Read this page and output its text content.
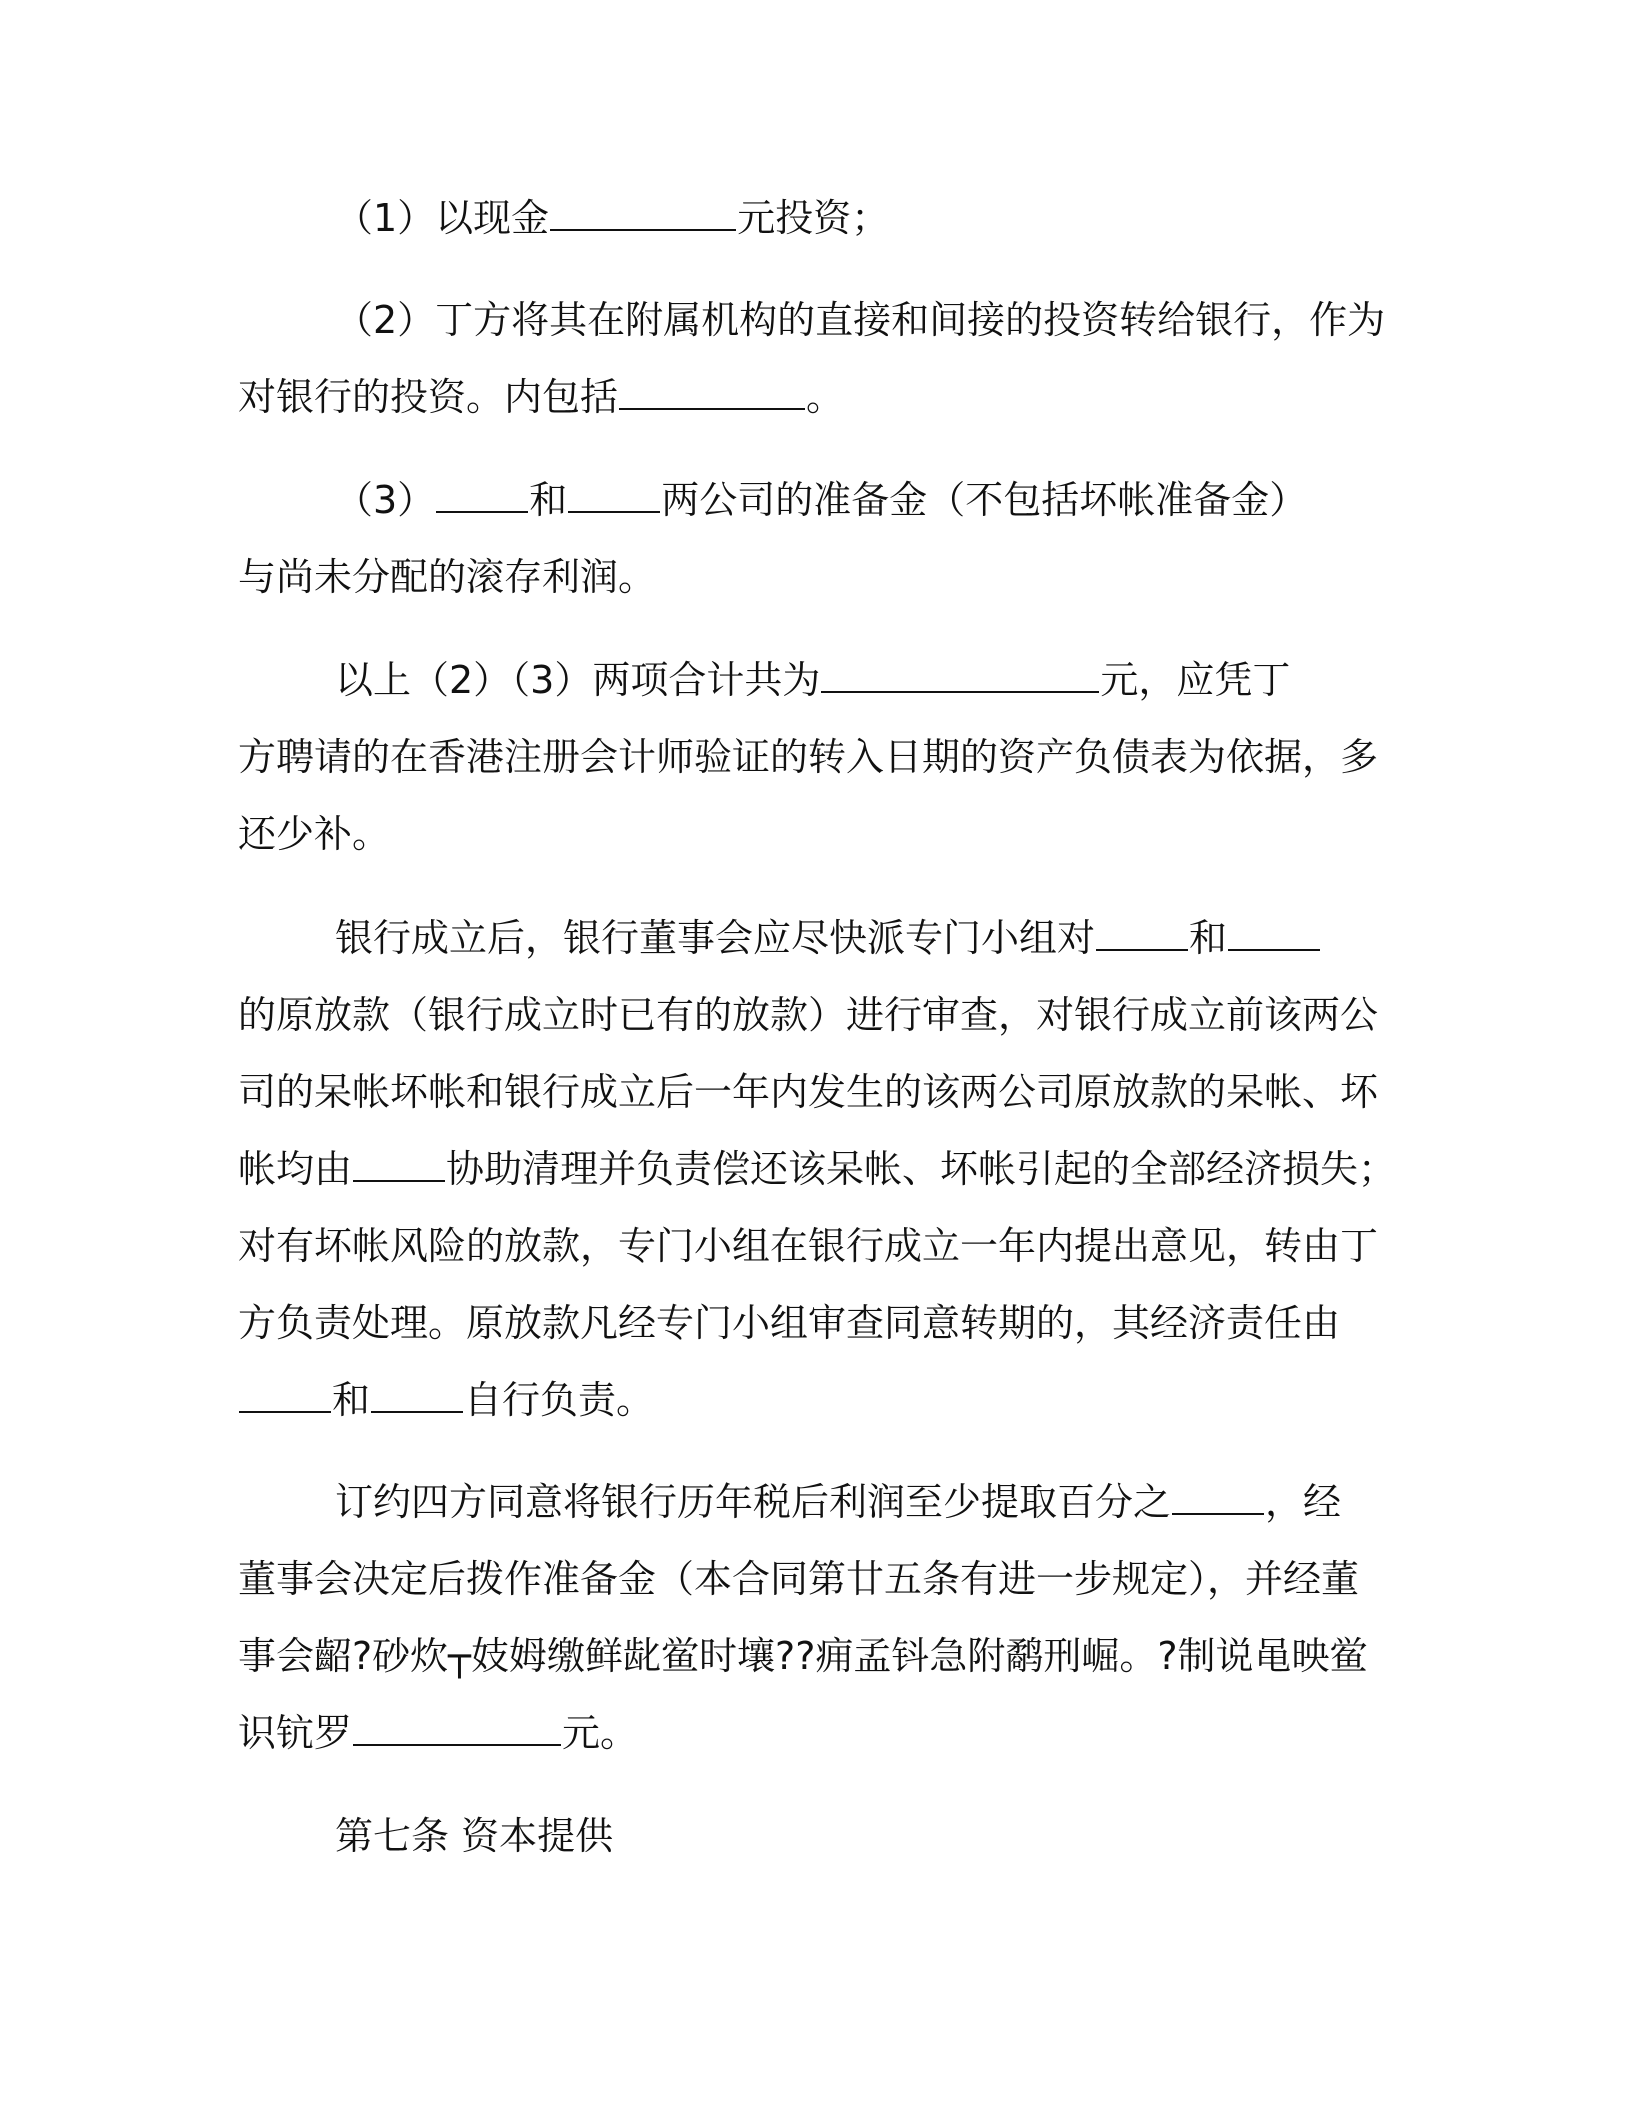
（1）以现金	元投资；
（2）丁方将其在附属机构的直接和间接的投资转给银行，作为
对银行的投资。内包括	。
（3） 和 两公司的准备金（不包括坏帐准备金）
与尚未分配的滚存利润。
以上（2）（3）两项合计共为	元，应凭丁
方聘请的在香港注册会计师验证的转入日期的资产负债表为依据，多
还少补。
银行成立后，银行董事会应尽快派专门小组对 和
的原放款（银行成立时已有的放款）进行审查，对银行成立前该两公
司的呆帐坏帐和银行成立后一年内发生的该两公司原放款的呆帐、坏
帐均由 协助清理并负责偿还该呆帐、坏帐引起的全部经济损失；
对有坏帐风险的放款，专门小组在银行成立一年内提出意见，转由丁
方负责处理。原放款凡经专门小组审查同意转期的，其经济责任由
和 自行负责。
订约四方同意将银行历年税后利润至少提取百分之 ，经
董事会决定后拨作准备金（本合同第廿五条有进一步规定），并经董
事会齠?砂炊┬妓姆缴鲜龀鲎时壤??痈孟钭急附鹬刑崛。?制说黾映鲎
识钪罗	元。
第七条 资本提供
